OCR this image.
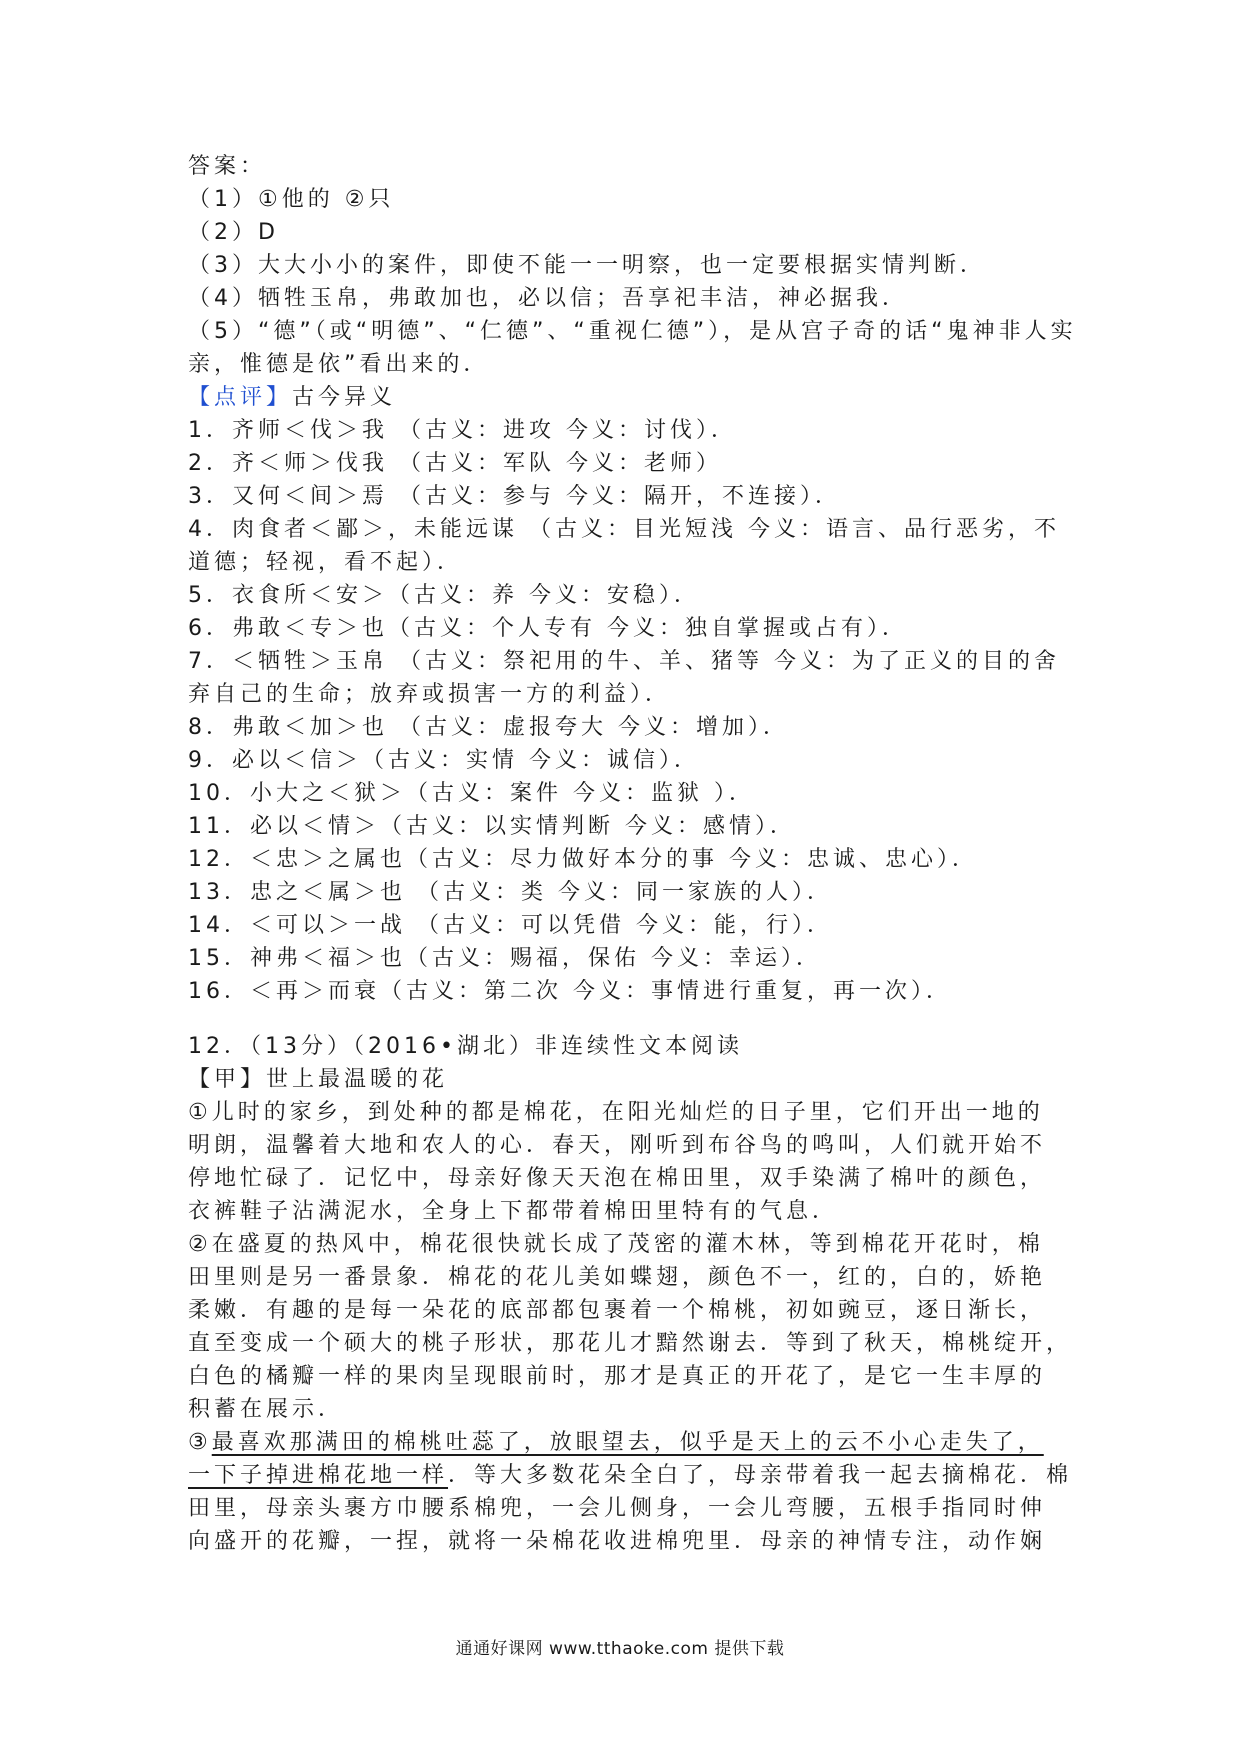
答案：
（1）①他的 ②只
（2）D
（3）大大小小的案件，即使不能一一明察，也一定要根据实情判断．
（4）牺牲玉帛，弗敢加也，必以信；吾享祀丰洁，神必据我．
（5）“德”（或“明德”、“仁德”、“重视仁德”），是从宫子奇的话“鬼神非人实
亲，惟德是依”看出来的．
【点评】古今异义
1．齐师＜伐＞我 （古义：进攻 今义：讨伐）．
2．齐＜师＞伐我 （古义：军队 今义：老师）
3．又何＜间＞焉 （古义：参与 今义：隔开，不连接）．
4．肉食者＜鄙＞，未能远谋 （古义：目光短浅 今义：语言、品行恶劣，不
道德；轻视，看不起）．
5．衣食所＜安＞（古义：养 今义：安稳）．
6．弗敢＜专＞也（古义：个人专有 今义：独自掌握或占有）．
7．＜牺牲＞玉帛 （古义：祭祀用的牛、羊、猪等 今义：为了正义的目的舍
弃自己的生命；放弃或损害一方的利益）．
8．弗敢＜加＞也 （古义：虚报夸大 今义：增加）．
9．必以＜信＞（古义：实情 今义：诚信）．
10．小大之＜狱＞（古义：案件 今义：监狱 ）．
11．必以＜情＞（古义：以实情判断 今义：感情）．
12．＜忠＞之属也（古义：尽力做好本分的事 今义：忠诚、忠心）．
13．忠之＜属＞也 （古义：类 今义：同一家族的人）．
14．＜可以＞一战 （古义：可以凭借 今义：能，行）．
15．神弗＜福＞也（古义：赐福，保佑 今义：幸运）．
16．＜再＞而衰（古义：第二次 今义：事情进行重复，再一次）．
12．（13分）（2016•湖北）非连续性文本阅读
【甲】世上最温暖的花
①儿时的家乡，到处种的都是棉花，在阳光灿烂的日子里，它们开出一地的
明朗，温馨着大地和农人的心．春天，刚听到布谷鸟的鸣叫，人们就开始不
停地忙碌了．记忆中，母亲好像天天泡在棉田里，双手染满了棉叶的颜色，
衣裤鞋子沾满泥水，全身上下都带着棉田里特有的气息．
②在盛夏的热风中，棉花很快就长成了茂密的灌木林，等到棉花开花时，棉
田里则是另一番景象．棉花的花儿美如蝶翅，颜色不一，红的，白的，娇艳
柔嫩．有趣的是每一朵花的底部都包裹着一个棉桃，初如豌豆，逐日渐长，
直至变成一个硕大的桃子形状，那花儿才黯然谢去．等到了秋天，棉桃绽开，
白色的橘瓣一样的果肉呈现眼前时，那才是真正的开花了，是它一生丰厚的
积蓄在展示．
③最喜欢那满田的棉桃吐蕊了，放眼望去，似乎是天上的云不小心走失了，
一下子掉进棉花地一样．等大多数花朵全白了，母亲带着我一起去摘棉花．棉
田里，母亲头裹方巾腰系棉兜，一会儿侧身，一会儿弯腰，五根手指同时伸
向盛开的花瓣，一捏，就将一朵棉花收进棉兜里．母亲的神情专注，动作娴
通通好课网 www.tthaoke.com 提供下载
